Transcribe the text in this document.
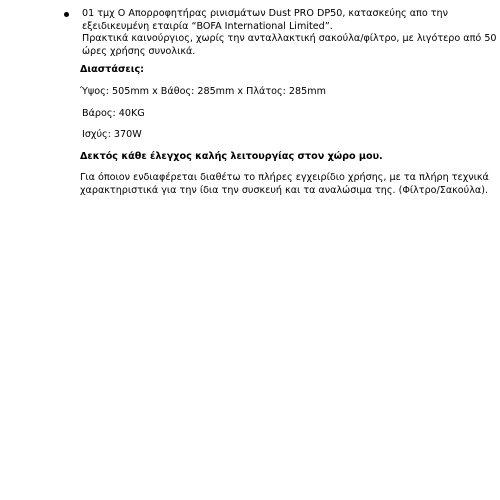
01 τμχ Ο Απορροφητήρας ρινισμάτων Dust PRO DP50, κατασκεύης απο την
εξειδικευμένη εταιρία “BOFA International Limited”.
Πρακτικά καινούργιος, χωρίς την ανταλλακτική σακούλα/φίλτρο, με λιγότερο από 50
ώρες χρήσης συνολικά.
Διαστάσεις:
Ύψος: 505mm x Βάθος: 285mm x Πλάτος: 285mm
Βάρος: 40KG
Ισχύς: 370W
Δεκτός κάθε έλεγχος καλής λειτουργίας στον χώρο μου.
Για όποιον ενδιαφέρεται διαθέτω το πλήρες εγχειρίδιο χρήσης, με τα πλήρη τεχνικά
χαρακτηριστικά για την ίδια την συσκευή και τα αναλώσιμα της. (Φίλτρο/Σακούλα).
